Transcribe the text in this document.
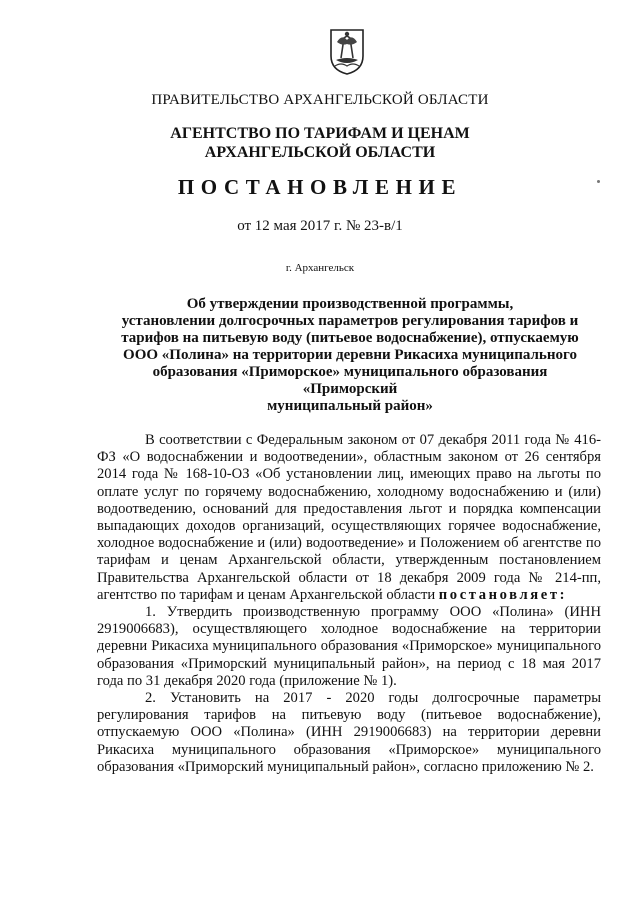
ПРАВИТЕЛЬСТВО АРХАНГЕЛЬСКОЙ ОБЛАСТИ
АГЕНТСТВО ПО ТАРИФАМ И ЦЕНАМ
АРХАНГЕЛЬСКОЙ ОБЛАСТИ
ПОСТАНОВЛЕНИЕ
от 12 мая 2017 г. № 23-в/1
г. Архангельск
Об утверждении производственной программы,
установлении долгосрочных параметров регулирования тарифов и
тарифов на питьевую воду (питьевое водоснабжение), отпускаемую
ООО «Полина» на территории деревни Рикасиха муниципального
образования «Приморское» муниципального образования «Приморский
муниципальный район»

В соответствии с Федеральным законом от 07 декабря 2011 года № 416-ФЗ «О водоснабжении и водоотведении», областным законом от 26 сентября 2014 года № 168-10-ОЗ «Об установлении лиц, имеющих право на льготы по оплате услуг по горячему водоснабжению, холодному водоснабжению и (или) водоотведению, оснований для предоставления льгот и порядка компенсации выпадающих доходов организаций, осуществляющих горячее водоснабжение, холодное водоснабжение и (или) водоотведение» и Положением об агентстве по тарифам и ценам Архангельской области, утвержденным постановлением Правительства Архангельской области от 18 декабря 2009 года № 214-пп, агентство по тарифам и ценам Архангельской области постановляет:

1. Утвердить производственную программу ООО «Полина» (ИНН 2919006683), осуществляющего холодное водоснабжение на территории деревни Рикасиха муниципального образования «Приморское» муниципального образования «Приморский муниципальный район», на период с 18 мая 2017 года по 31 декабря 2020 года (приложение № 1).

2. Установить на 2017 - 2020 годы долгосрочные параметры регулирования тарифов на питьевую воду (питьевое водоснабжение), отпускаемую ООО «Полина» (ИНН 2919006683) на территории деревни Рикасиха муниципального образования «Приморское» муниципального образования «Приморский муниципальный район», согласно приложению № 2.
